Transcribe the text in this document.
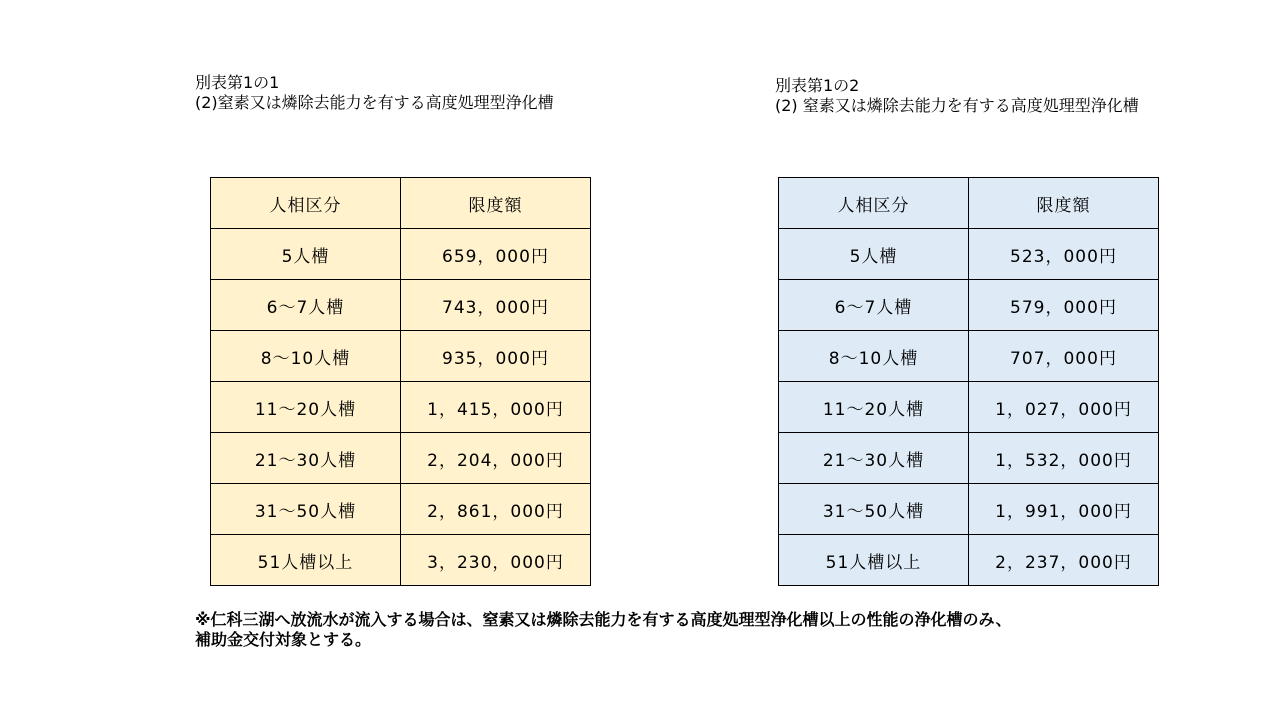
別表第1の1
(2)窒素又は燐除去能力を有する高度処理型浄化槽
別表第1の2
(2) 窒素又は燐除去能力を有する高度処理型浄化槽
人相区分	限度額
5人槽	659，000円
6～7人槽	743，000円
8～10人槽	935，000円
11～20人槽	1，415，000円
21～30人槽	2，204，000円
31～50人槽	2，861，000円
51人槽以上	3，230，000円
人相区分	限度額
5人槽	523，000円
6～7人槽	579，000円
8～10人槽	707，000円
11～20人槽	1，027，000円
21～30人槽	1，532，000円
31～50人槽	1，991，000円
51人槽以上	2，237，000円
※仁科三湖へ放流水が流入する場合は、窒素又は燐除去能力を有する高度処理型浄化槽以上の性能の浄化槽のみ、
補助金交付対象とする。
